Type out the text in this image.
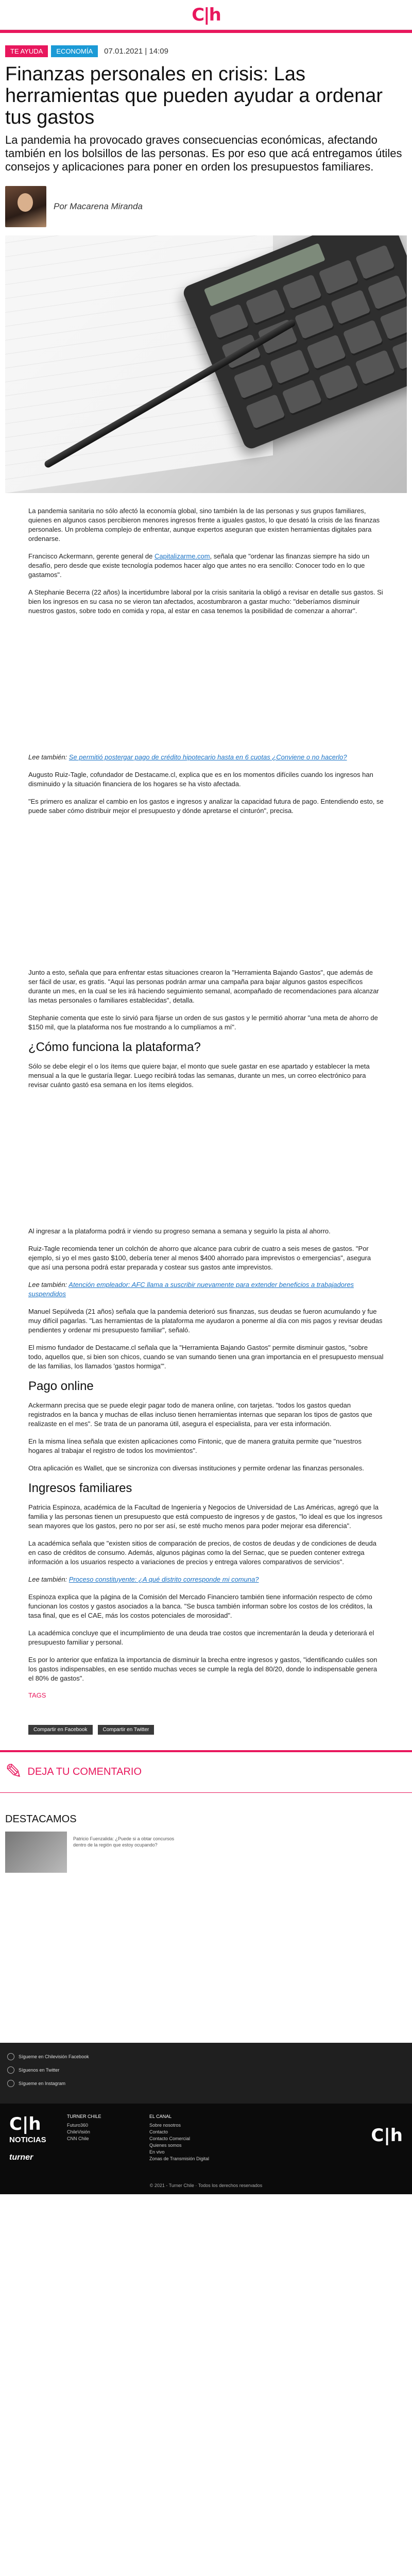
C|h
TE AYUDA	ECONOMÍA	07.01.2021 | 14:09
Finanzas personales en crisis: Las herramientas que pueden ayudar a ordenar tus gastos

La pandemia ha provocado graves consecuencias económicas, afectando también en los bolsillos de las personas. Es por eso que acá entregamos útiles consejos y aplicaciones para poner en orden los presupuestos familiares.

Por Macarena Miranda

La pandemia sanitaria no sólo afectó la economía global, sino también la de las personas y sus grupos familiares, quienes en algunos casos percibieron menores ingresos frente a iguales gastos, lo que desató la crisis de las finanzas personales. Un problema complejo de enfrentar, aunque expertos aseguran que existen herramientas digitales para ordenarse.

Francisco Ackermann, gerente general de Capitalizarme.com, señala que "ordenar las finanzas siempre ha sido un desafío, pero desde que existe tecnología podemos hacer algo que antes no era sencillo: Conocer todo en lo que gastamos".

A Stephanie Becerra (22 años) la incertidumbre laboral por la crisis sanitaria la obligó a revisar en detalle sus gastos. Si bien los ingresos en su casa no se vieron tan afectados, acostumbraron a gastar mucho: "deberíamos disminuir nuestros gastos, sobre todo en comida y ropa, al estar en casa tenemos la posibilidad de comenzar a ahorrar".

Lee también: Se permitió postergar pago de crédito hipotecario hasta en 6 cuotas ¿Conviene o no hacerlo?

Augusto Ruiz-Tagle, cofundador de Destacame.cl, explica que es en los momentos difíciles cuando los ingresos han disminuido y la situación financiera de los hogares se ha visto afectada.

"Es primero es analizar el cambio en los gastos e ingresos y analizar la capacidad futura de pago. Entendiendo esto, se puede saber cómo distribuir mejor el presupuesto y dónde apretarse el cinturón", precisa.

Junto a esto, señala que para enfrentar estas situaciones crearon la "Herramienta Bajando Gastos", que además de ser fácil de usar, es gratis. "Aquí las personas podrán armar una campaña para bajar algunos gastos específicos durante un mes, en la cual se les irá haciendo seguimiento semanal, acompañado de recomendaciones para alcanzar las metas personales o familiares establecidas", detalla.

Stephanie comenta que este lo sirvió para fijarse un orden de sus gastos y le permitió ahorrar "una meta de ahorro de $150 mil, que la plataforma nos fue mostrando a lo cumplíamos a mí".

¿Cómo funciona la plataforma?

Sólo se debe elegir el o los ítems que quiere bajar, el monto que suele gastar en ese apartado y establecer la meta mensual a la que le gustaría llegar. Luego recibirá todas las semanas, durante un mes, un correo electrónico para revisar cuánto gastó esa semana en los ítems elegidos.

Al ingresar a la plataforma podrá ir viendo su progreso semana a semana y seguirlo la pista al ahorro.

Ruiz-Tagle recomienda tener un colchón de ahorro que alcance para cubrir de cuatro a seis meses de gastos. "Por ejemplo, si yo el mes gasto $100, debería tener al menos $400 ahorrado para imprevistos o emergencias", asegura que así una persona podrá estar preparada y costear sus gastos ante imprevistos.

Lee también: Atención empleador: AFC llama a suscribir nuevamente para extender beneficios a trabajadores suspendidos

Manuel Sepúlveda (21 años) señala que la pandemia deterioró sus finanzas, sus deudas se fueron acumulando y fue muy difícil pagarlas. "Las herramientas de la plataforma me ayudaron a ponerme al día con mis pagos y revisar deudas pendientes y ordenar mi presupuesto familiar", señaló.

El mismo fundador de Destacame.cl señala que la "Herramienta Bajando Gastos" permite disminuir gastos, "sobre todo, aquellos que, si bien son chicos, cuando se van sumando tienen una gran importancia en el presupuesto mensual de las familias, los llamados 'gastos hormiga'".

Pago online

Ackermann precisa que se puede elegir pagar todo de manera online, con tarjetas. "todos los gastos quedan registrados en la banca y muchas de ellas incluso tienen herramientas internas que separan los tipos de gastos que realizaste en el mes". Se trata de un panorama útil, asegura el especialista, para ver esta información.

En la misma línea señala que existen aplicaciones como Fintonic, que de manera gratuita permite que "nuestros hogares al trabajar el registro de todos los movimientos".

Otra aplicación es Wallet, que se sincroniza con diversas instituciones y permite ordenar las finanzas personales.

Ingresos familiares

Patricia Espinoza, académica de la Facultad de Ingeniería y Negocios de Universidad de Las Américas, agregó que la familia y las personas tienen un presupuesto que está compuesto de ingresos y de gastos, "lo ideal es que los ingresos sean mayores que los gastos, pero no por ser así, se esté mucho menos para poder mejorar esa diferencia".

La académica señala que "existen sitios de comparación de precios, de costos de deudas y de condiciones de deuda en caso de créditos de consumo. Además, algunos páginas como la del Sernac, que se pueden contener extrega información a los usuarios respecto a variaciones de precios y entrega valores comparativos de servicios".

Lee también: Proceso constituyente: ¿A qué distrito corresponde mi comuna?

Espinoza explica que la página de la Comisión del Mercado Financiero también tiene información respecto de cómo funcionan los costos y gastos asociados a la banca. "Se busca también informan sobre los costos de los créditos, la tasa final, que es el CAE, más los costos potenciales de morosidad".

La académica concluye que el incumplimiento de una deuda trae costos que incrementarán la deuda y deteriorará el presupuesto familiar y personal.

Es por lo anterior que enfatiza la importancia de disminuir la brecha entre ingresos y gastos, "identificando cuáles son los gastos indispensables, en ese sentido muchas veces se cumple la regla del 80/20, donde lo indispensable genera el 80% de gastos".

TAGS
Compartir en Facebook	Compartir en Twitter
✎ DEJA TU COMENTARIO
DESTACAMOS
Patricio Fuenzalida: ¿Puede si a obtar concursos dentro de la región que estoy ocupando?
Sígueme en Chilevisión Facebook
Síguenos en Twitter
Sígueme en Instagram
C|h
NOTICIAS
turner
TURNER CHILE
Futuro360
ChileVisión
CNN Chile
EL CANAL
Sobre nosotros
Contacto
Contacto Comercial
Quienes somos
En vivo
Zonas de Transmisión Digital
C|h
© 2021 - Turner Chile · Todos los derechos reservados
